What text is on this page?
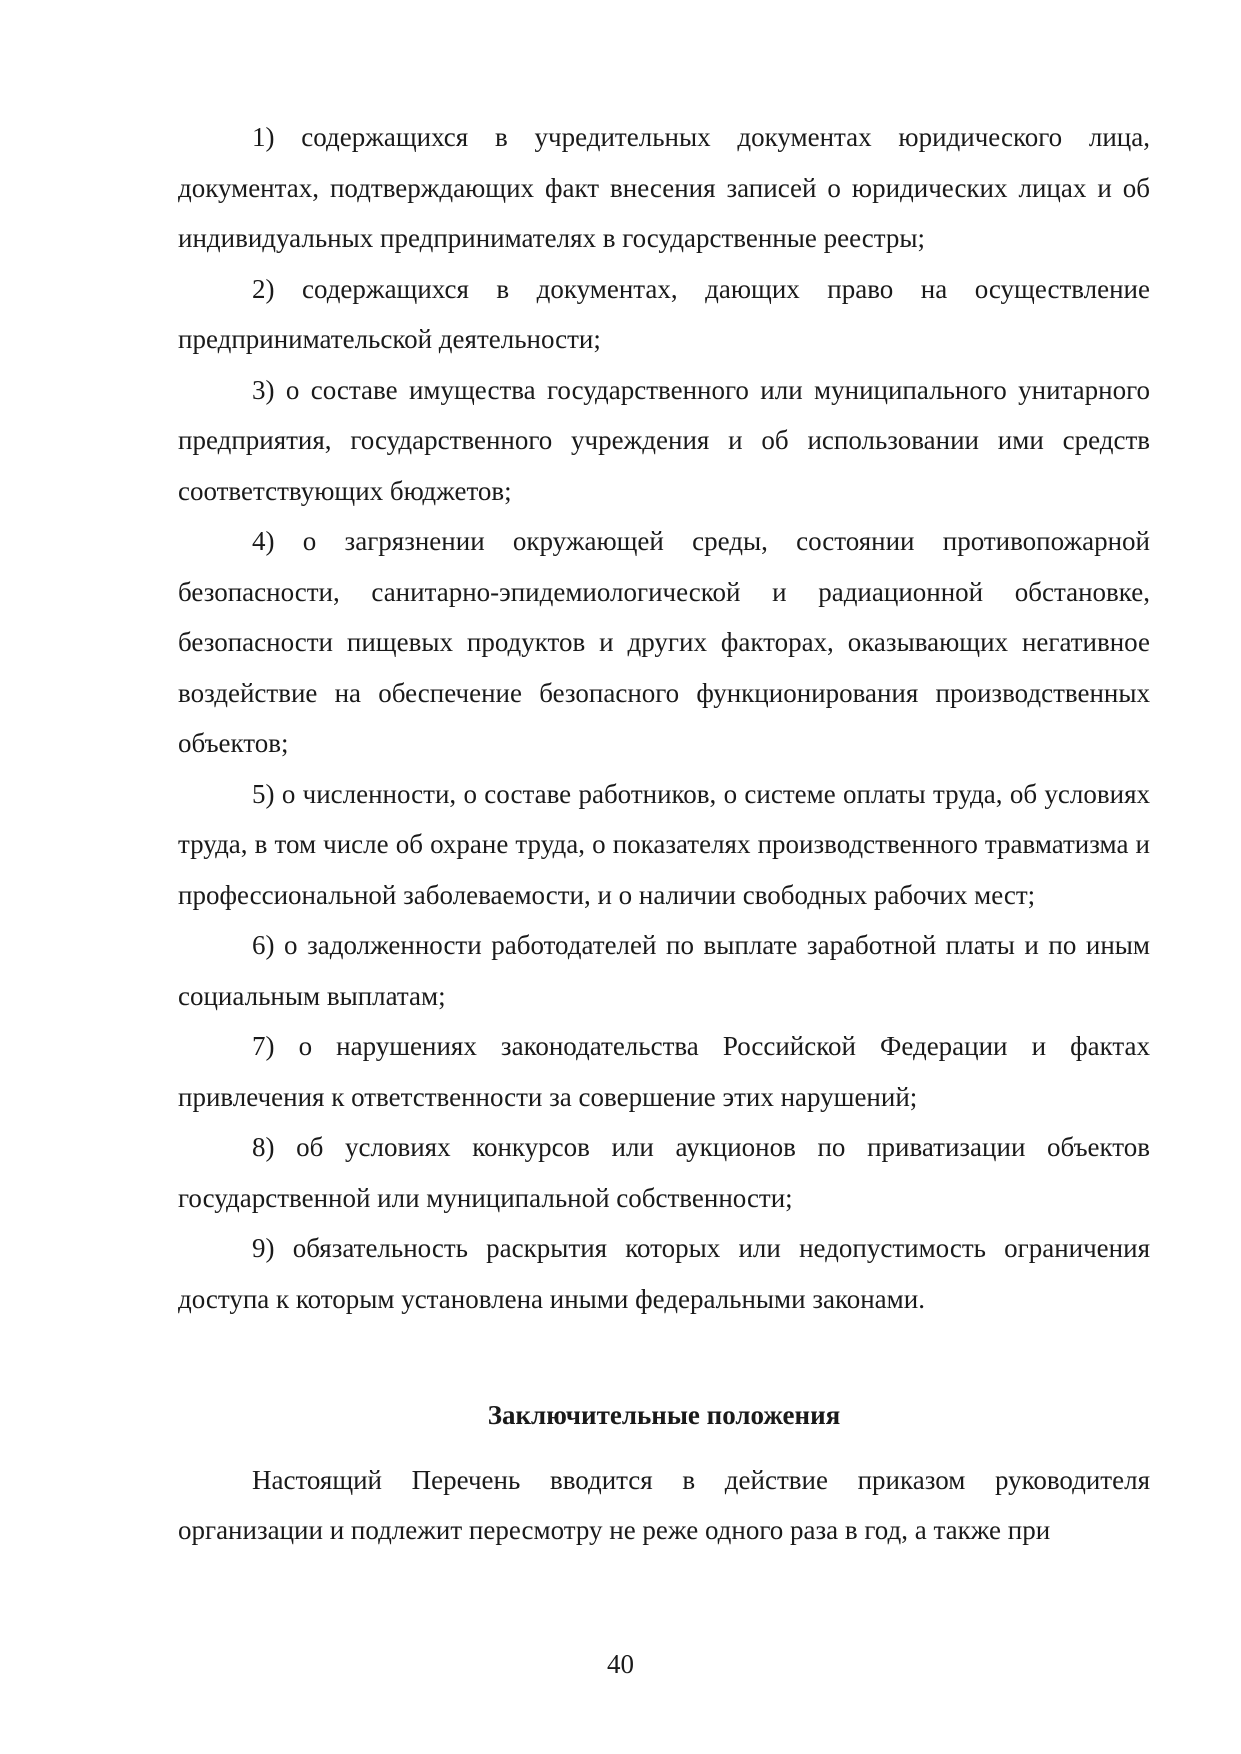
1) содержащихся в учредительных документах юридического лица, документах, подтверждающих факт внесения записей о юридических лицах и об индивидуальных предпринимателях в государственные реестры;

2) содержащихся в документах, дающих право на осуществление предпринимательской деятельности;

3) о составе имущества государственного или муниципального унитарного предприятия, государственного учреждения и об использовании ими средств соответствующих бюджетов;

4) о загрязнении окружающей среды, состоянии противопожарной безопасности, санитарно-эпидемиологической и радиационной обстановке, безопасности пищевых продуктов и других факторах, оказывающих негативное воздействие на обеспечение безопасного функционирования производственных объектов;

5) о численности, о составе работников, о системе оплаты труда, об условиях труда, в том числе об охране труда, о показателях производственного травматизма и профессиональной заболеваемости, и о наличии свободных рабочих мест;

6) о задолженности работодателей по выплате заработной платы и по иным социальным выплатам;

7) о нарушениях законодательства Российской Федерации и фактах привлечения к ответственности за совершение этих нарушений;

8) об условиях конкурсов или аукционов по приватизации объектов государственной или муниципальной собственности;

9) обязательность раскрытия которых или недопустимость ограничения доступа к которым установлена иными федеральными законами.

Заключительные положения

Настоящий Перечень вводится в действие приказом руководителя организации и подлежит пересмотру не реже одного раза в год, а также при

40
